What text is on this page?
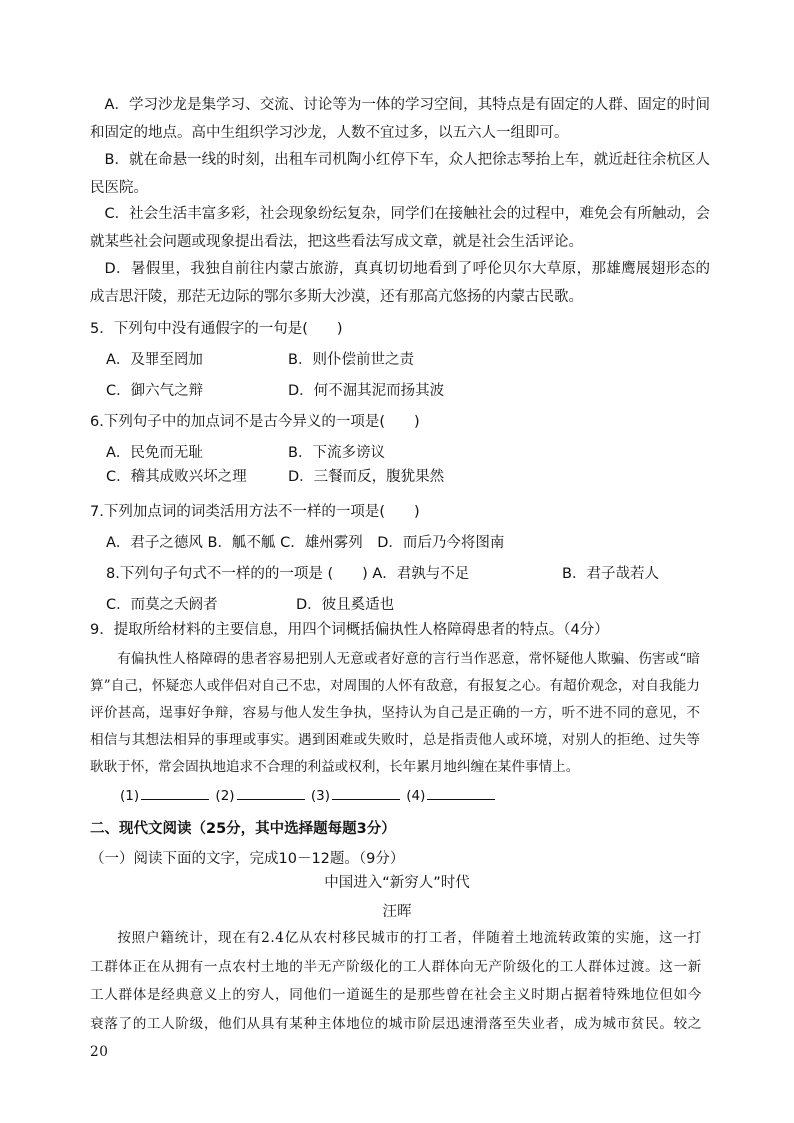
A．学习沙龙是集学习、交流、讨论等为一体的学习空间，其特点是有固定的人群、固定的时间和固定的地点。高中生组织学习沙龙，人数不宜过多，以五六人一组即可。
B．就在命悬一线的时刻，出租车司机陶小红停下车，众人把徐志琴抬上车，就近赶往余杭区人民医院。
C．社会生活丰富多彩，社会现象纷纭复杂，同学们在接触社会的过程中，难免会有所触动，会就某些社会问题或现象提出看法，把这些看法写成文章，就是社会生活评论。
D．暑假里，我独自前往内蒙古旅游，真真切切地看到了呼伦贝尔大草原，那雄鹰展翅形态的成吉思汗陵，那茫无边际的鄂尔多斯大沙漠，还有那高亢悠扬的内蒙古民歌。
5．下列句中没有通假字的一句是(　　)
A．及罪至罔加	B．则仆偿前世之责
C．御六气之辩	D．何不淈其泥而扬其波
6.下列句子中的加点词不是古今异义的一项是(　　)
A．民免而无耻	B．下流多谤议
C．稽其成败兴坏之理	D．三餐而反，腹犹果然
7.下列加点词的词类活用方法不一样的一项是(　　)
A．君子之德风 B．觚不觚 C．雄州雾列　D．而后乃今将图南
8.下列句子句式不一样的的一项是 (　　) A．君孰与不足	B．君子哉若人
C．而莫之夭阏者	D．彼且奚适也
9．提取所给材料的主要信息，用四个词概括偏执性人格障碍患者的特点。（4分）
有偏执性人格障碍的患者容易把别人无意或者好意的言行当作恶意，常怀疑他人欺骗、伤害或“暗算”自己，怀疑恋人或伴侣对自己不忠，对周围的人怀有敌意，有报复之心。有超价观念，对自我能力评价甚高，逞事好争辩，容易与他人发生争执，坚持认为自己是正确的一方，听不进不同的意见，不相信与其想法相异的事理或事实。遇到困难或失败时，总是指责他人或环境，对别人的拒绝、过失等耿耿于怀，常会固执地追求不合理的利益或权利，长年累月地纠缠在某件事情上。
(1)	(2)	(3)	(4)
二、现代文阅读（25分，其中选择题每题3分）
（一）阅读下面的文字，完成10－12题。（9分）
中国进入“新穷人”时代
汪晖
按照户籍统计，现在有2.4亿从农村移民城市的打工者，伴随着土地流转政策的实施，这一打工群体正在从拥有一点农村土地的半无产阶级化的工人群体向无产阶级化的工人群体过渡。这一新工人群体是经典意义上的穷人，同他们一道诞生的是那些曾在社会主义时期占据着特殊地位但如今衰落了的工人阶级，他们从具有某种主体地位的城市阶层迅速滑落至失业者，成为城市贫民。较之20
